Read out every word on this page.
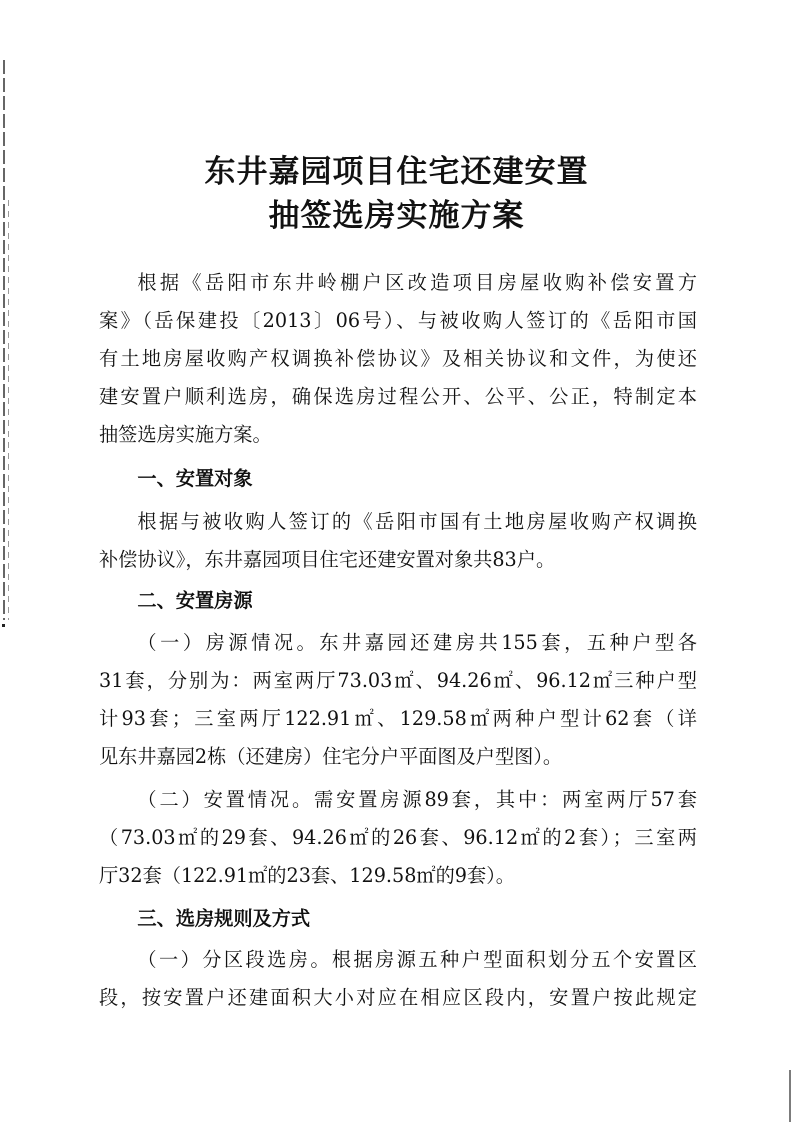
东井嘉园项目住宅还建安置
抽签选房实施方案
根据《岳阳市东井岭棚户区改造项目房屋收购补偿安置方
案》（岳保建投〔2013〕06号）、与被收购人签订的《岳阳市国
有土地房屋收购产权调换补偿协议》及相关协议和文件，为使还
建安置户顺利选房，确保选房过程公开、公平、公正，特制定本
抽签选房实施方案。
一、安置对象
根据与被收购人签订的《岳阳市国有土地房屋收购产权调换
补偿协议》，东井嘉园项目住宅还建安置对象共83户。
二、安置房源
（一）房源情况。东井嘉园还建房共155套，五种户型各
31套，分别为：两室两厅73.03㎡、94.26㎡、96.12㎡三种户型
计93套；三室两厅122.91㎡、129.58㎡两种户型计62套（详
见东井嘉园2栋（还建房）住宅分户平面图及户型图）。
（二）安置情况。需安置房源89套，其中：两室两厅57套
（73.03㎡的29套、94.26㎡的26套、96.12㎡的2套）；三室两
厅32套（122.91㎡的23套、129.58㎡的9套）。
三、选房规则及方式
（一）分区段选房。根据房源五种户型面积划分五个安置区
段，按安置户还建面积大小对应在相应区段内，安置户按此规定
